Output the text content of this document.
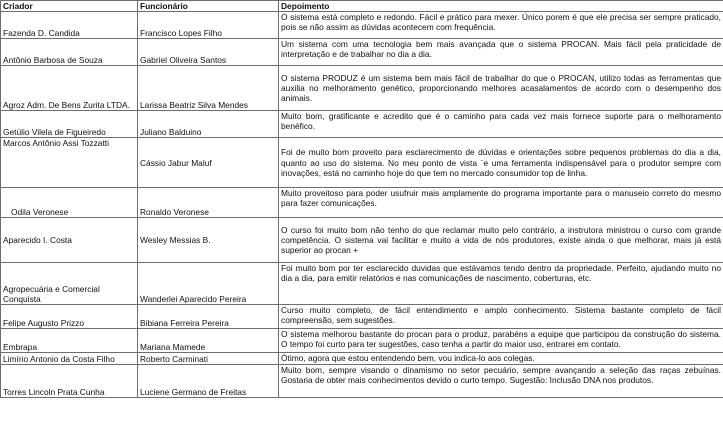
Criador	Funcionário	Depoimento
Fazenda D. Candida	Francisco Lopes Filho	O sistema está completo e redondo. Fácil e prático para mexer. Único porem é que ele precisa ser sempre praticado, pois se não assim as dúvidas acontecem com frequência.
Antônio Barbosa de Souza	Gabriel Oliveira Santos	Um sistema com uma tecnologia bem mais avançada que o sistema PROCAN. Mais fácil pela praticidade de interpretação e de trabalhar no dia a dia.
Agroz Adm. De Bens Zurita LTDA.	Larissa Beatriz Silva Mendes	O sistema PRODUZ é um sistema bem mais fácil de trabalhar do que o PROCAN, utilizo todas as ferramentas que auxilia no melhoramento genético, proporcionando melhores acasalamentos de acordo com o desempenho dos animais.
Getúlio Vilela de Figueiredo	Juliano Balduino	Muito bom, gratificante e acredito que é o caminho para cada vez mais fornece suporte para o melhoramento benéfico.
Marcos Antônio Assi Tozzatti	Cássio Jabur Maluf	Foi de muito bom proveito para esclarecimento de dúvidas e orientações sobre pequenos problemas do dia a dia, quanto ao uso do sistema. No meu ponto de vista ¨e uma ferramenta indispensável para o produtor sempre com inovações, está no caminho hoje do que tem no mercado consumidor top de linha.
Odila Veronese	Ronaldo Veronese	Muito proveitoso para poder usufruir mais amplamente do programa importante para o manuseio correto do mesmo para fazer comunicações.
Aparecido I. Costa	Wesley Messias B.	O curso foi muito bom não tenho do que reclamar muito pelo contrário, a instrutora ministrou o curso com grande competência. O sistema vai facilitar e muito a vida de nós produtores, existe ainda o que melhorar, mais já está superior ao procan +
Agropecuária e Comercial Conquista	Wanderlei Aparecido Pereira	Foi muito bom por ter esclarecido duvidas que estávamos tendo dentro da propriedade. Perfeito, ajudando muito no dia a dia, para emitir relatórios e nas comunicações de nascimento, coberturas, etc.
Felipe Augusto Prizzo	Bibiana Ferreira Pereira	Curso muito completo, de fácil entendimento e amplo conhecimento. Sistema bastante completo de fácil compreensão, sem sugestões.
Embrapa	Mariana Mamede	O sistema melhorou bastante do procan para o produz, parabéns a equipe que participou da construção do sistema. O tempo foi curto para ter sugestões, caso tenha a partir do maior uso, entrarei em contato.
Limírio Antonio da Costa Filho	Roberto Carminati	Ótimo, agora que estou entendendo bem, vou indica-lo aos colegas.
Torres Lincoln Prata Cunha	Luciene Germano de Freitas	Muito bom, sempre visando o dinamismo no setor pecuário, sempre avançando a seleção das raças zebuínas. Gostaria de obter mais conhecimentos devido o curto tempo. Sugestão: Inclusão DNA nos produtos.
